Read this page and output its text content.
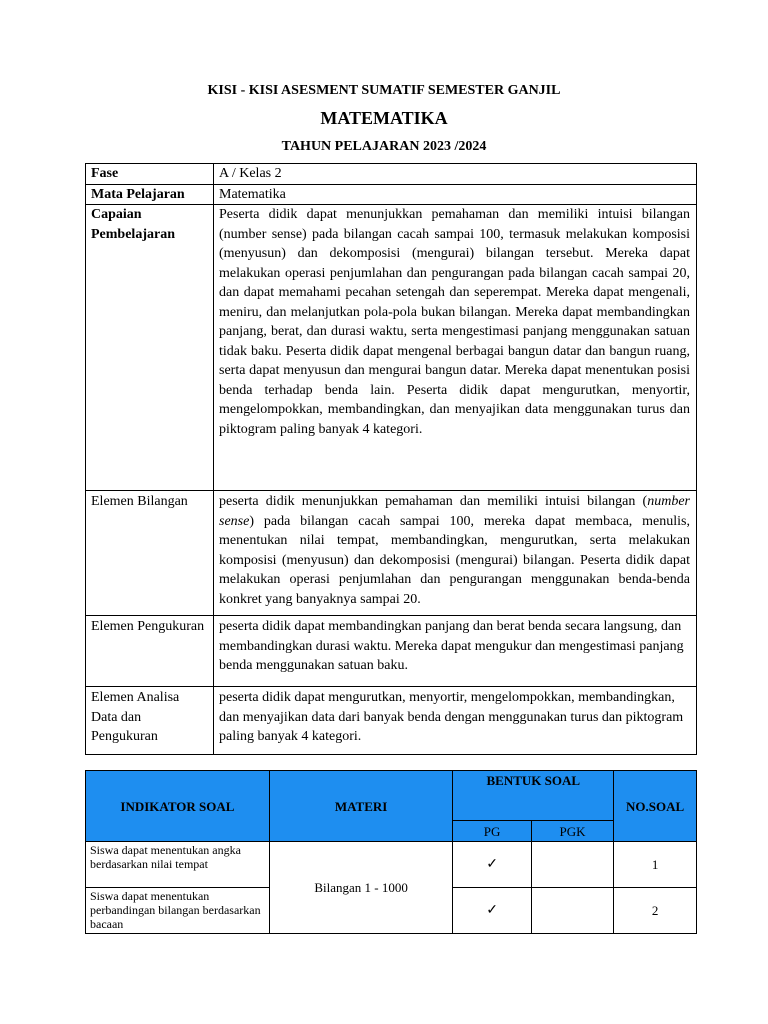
KISI - KISI ASESMENT SUMATIF SEMESTER GANJIL

MATEMATIKA

TAHUN PELAJARAN 2023 /2024

Fase	A / Kelas 2
Mata Pelajaran	Matematika
Capaian Pembelajaran	Peserta didik dapat menunjukkan pemahaman dan memiliki intuisi bilangan (number sense) pada bilangan cacah sampai 100, termasuk melakukan komposisi (menyusun) dan dekomposisi (mengurai) bilangan tersebut. Mereka dapat melakukan operasi penjumlahan dan pengurangan pada bilangan cacah sampai 20, dan dapat memahami pecahan setengah dan seperempat. Mereka dapat mengenali, meniru, dan melanjutkan pola-pola bukan bilangan. Mereka dapat membandingkan panjang, berat, dan durasi waktu, serta mengestimasi panjang menggunakan satuan tidak baku. Peserta didik dapat mengenal berbagai bangun datar dan bangun ruang, serta dapat menyusun dan mengurai bangun datar. Mereka dapat menentukan posisi benda terhadap benda lain. Peserta didik dapat mengurutkan, menyortir, mengelompokkan, membandingkan, dan menyajikan data menggunakan turus dan piktogram paling banyak 4 kategori.
Elemen Bilangan	peserta didik menunjukkan pemahaman dan memiliki intuisi bilangan (number sense) pada bilangan cacah sampai 100, mereka dapat membaca, menulis, menentukan nilai tempat, membandingkan, mengurutkan, serta melakukan komposisi (menyusun) dan dekomposisi (mengurai) bilangan. Peserta didik dapat melakukan operasi penjumlahan dan pengurangan menggunakan benda-benda konkret yang banyaknya sampai 20.
Elemen Pengukuran	peserta didik dapat membandingkan panjang dan berat benda secara langsung, dan membandingkan durasi waktu. Mereka dapat mengukur dan mengestimasi panjang benda menggunakan satuan baku.
Elemen Analisa Data dan Pengukuran	peserta didik dapat mengurutkan, menyortir, mengelompokkan, membandingkan, dan menyajikan data dari banyak benda dengan menggunakan turus dan piktogram paling banyak 4 kategori.
INDIKATOR SOAL	MATERI	BENTUK SOAL		NO.SOAL
		PG	PGK	
Siswa dapat menentukan angka berdasarkan nilai tempat	Bilangan 1 - 1000	✓		1
Siswa dapat menentukan perbandingan bilangan berdasarkan bacaan		✓		2
